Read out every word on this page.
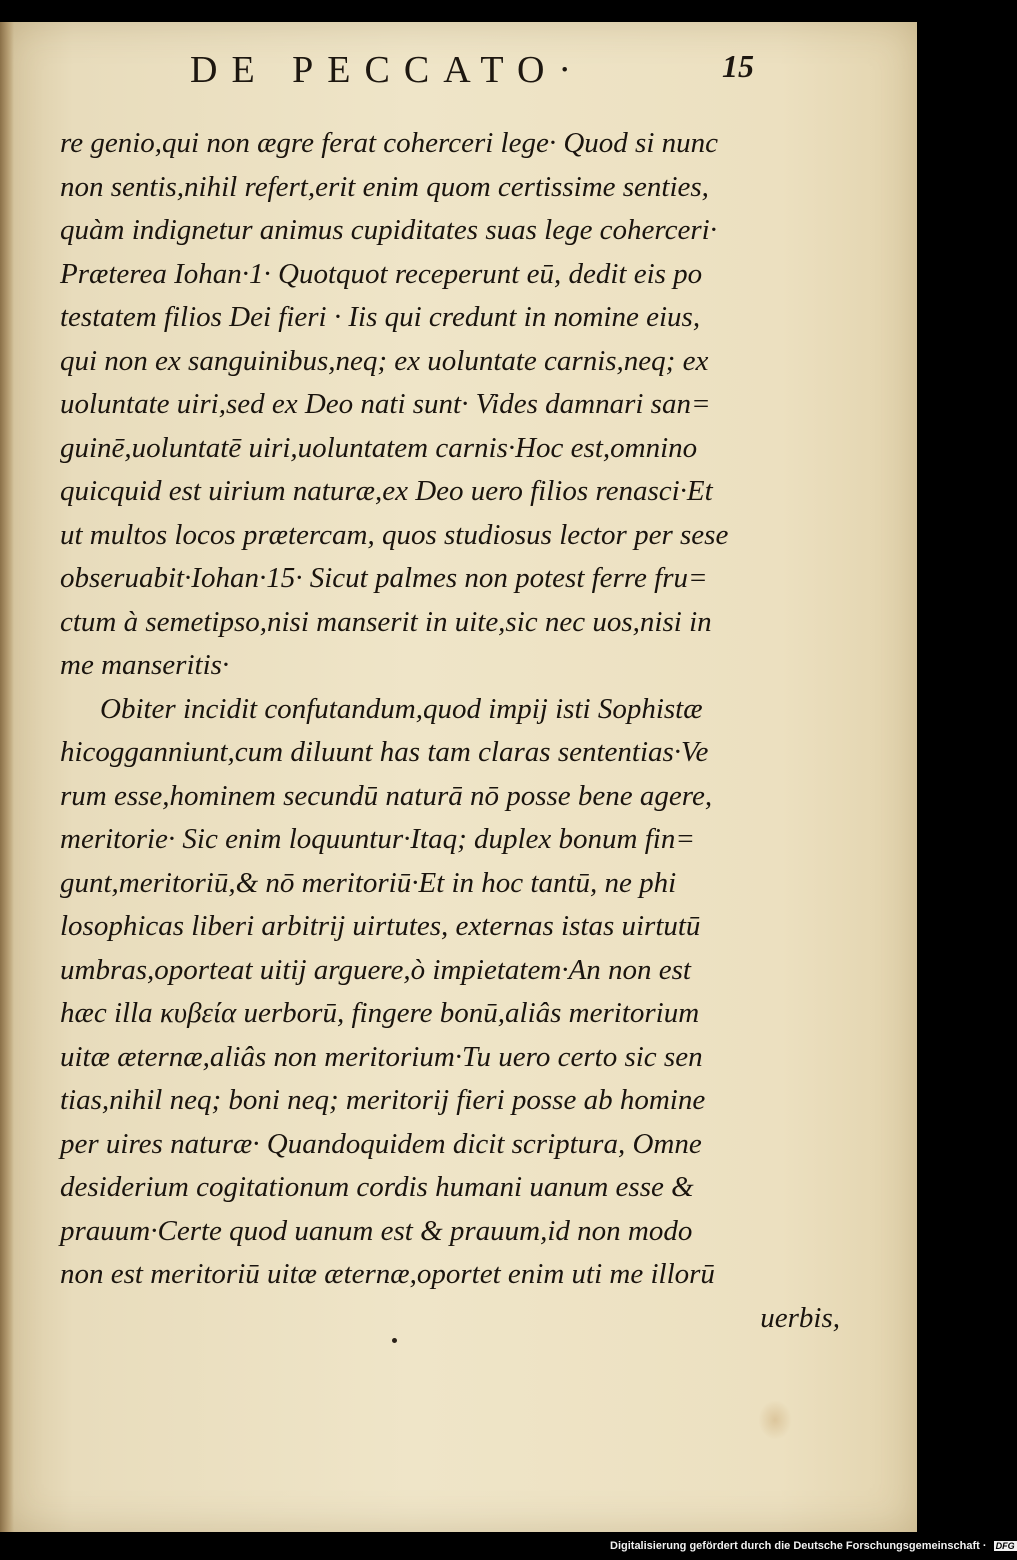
DE PECCATO·	15
re genio,qui non ægre ferat coherceri lege· Quod si nunc
non sentis,nihil refert,erit enim quom certissime senties,
quàm indignetur animus cupiditates suas lege coherceri·
Præterea Iohan·1· Quotquot receperunt eū, dedit eis po
testatem filios Dei fieri · Iis qui credunt in nomine eius,
qui non ex sanguinibus,neq; ex uoluntate carnis,neq; ex
uoluntate uiri,sed ex Deo nati sunt· Vides damnari san=
guinē,uoluntatē uiri,uoluntatem carnis·Hoc est,omnino
quicquid est uirium naturæ,ex Deo uero filios renasci·Et
ut multos locos prætercam, quos studiosus lector per sese
obseruabit·Iohan·15· Sicut palmes non potest ferre fru=
ctum à semetipso,nisi manserit in uite,sic nec uos,nisi in
me manseritis·
Obiter incidit confutandum,quod impij isti Sophistæ
hicogganniunt,cum diluunt has tam claras sententias·Ve
rum esse,hominem secundū naturā nō posse bene agere,
meritorie· Sic enim loquuntur·Itaq; duplex bonum fin=
gunt,meritoriū,& nō meritoriū·Et in hoc tantū, ne phi
losophicas liberi arbitrij uirtutes, externas istas uirtutū
umbras,oporteat uitij arguere,ò impietatem·An non est
hæc illa κυβεία uerborū, fingere bonū,aliâs meritorium
uitæ æternæ,aliâs non meritorium·Tu uero certo sic sen
tias,nihil neq; boni neq; meritorij fieri posse ab homine
per uires naturæ· Quandoquidem dicit scriptura, Omne
desiderium cogitationum cordis humani uanum esse &
prauum·Certe quod uanum est & prauum,id non modo
non est meritoriū uitæ æternæ,oportet enim uti me illorū
uerbis,
Digitalisierung gefördert durch die Deutsche Forschungsgemeinschaft · DFG
